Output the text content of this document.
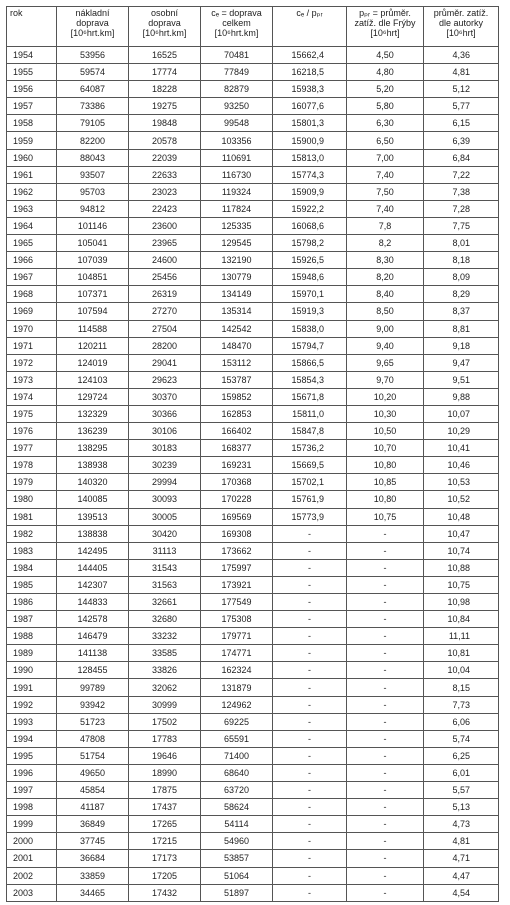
rok	nákladní
doprava
[10⁶hrt.km]	osobní
doprava
[10⁶hrt.km]	cₑ = doprava
celkem
[10⁶hrt.km]	cₑ / pₚᵣ	pₚᵣ = průměr.
zatíž. dle Frýby
[10⁶hrt]	průměr. zatíž.
dle autorky
[10⁶hrt]

1954	53956	16525	70481	15662,4	4,50	4,36
1955	59574	17774	77849	16218,5	4,80	4,81
1956	64087	18228	82879	15938,3	5,20	5,12
1957	73386	19275	93250	16077,6	5,80	5,77
1958	79105	19848	99548	15801,3	6,30	6,15
1959	82200	20578	103356	15900,9	6,50	6,39
1960	88043	22039	110691	15813,0	7,00	6,84
1961	93507	22633	116730	15774,3	7,40	7,22
1962	95703	23023	119324	15909,9	7,50	7,38
1963	94812	22423	117824	15922,2	7,40	7,28
1964	101146	23600	125335	16068,6	7,8	7,75
1965	105041	23965	129545	15798,2	8,2	8,01
1966	107039	24600	132190	15926,5	8,30	8,18
1967	104851	25456	130779	15948,6	8,20	8,09
1968	107371	26319	134149	15970,1	8,40	8,29
1969	107594	27270	135314	15919,3	8,50	8,37
1970	114588	27504	142542	15838,0	9,00	8,81
1971	120211	28200	148470	15794,7	9,40	9,18
1972	124019	29041	153112	15866,5	9,65	9,47
1973	124103	29623	153787	15854,3	9,70	9,51
1974	129724	30370	159852	15671,8	10,20	9,88
1975	132329	30366	162853	15811,0	10,30	10,07
1976	136239	30106	166402	15847,8	10,50	10,29
1977	138295	30183	168377	15736,2	10,70	10,41
1978	138938	30239	169231	15669,5	10,80	10,46
1979	140320	29994	170368	15702,1	10,85	10,53
1980	140085	30093	170228	15761,9	10,80	10,52
1981	139513	30005	169569	15773,9	10,75	10,48
1982	138838	30420	169308	-	-	10,47
1983	142495	31113	173662	-	-	10,74
1984	144405	31543	175997	-	-	10,88
1985	142307	31563	173921	-	-	10,75
1986	144833	32661	177549	-	-	10,98
1987	142578	32680	175308	-	-	10,84
1988	146479	33232	179771	-	-	11,11
1989	141138	33585	174771	-	-	10,81
1990	128455	33826	162324	-	-	10,04
1991	99789	32062	131879	-	-	8,15
1992	93942	30999	124962	-	-	7,73
1993	51723	17502	69225	-	-	6,06
1994	47808	17783	65591	-	-	5,74
1995	51754	19646	71400	-	-	6,25
1996	49650	18990	68640	-	-	6,01
1997	45854	17875	63720	-	-	5,57
1998	41187	17437	58624	-	-	5,13
1999	36849	17265	54114	-	-	4,73
2000	37745	17215	54960	-	-	4,81
2001	36684	17173	53857	-	-	4,71
2002	33859	17205	51064	-	-	4,47
2003	34465	17432	51897	-	-	4,54
